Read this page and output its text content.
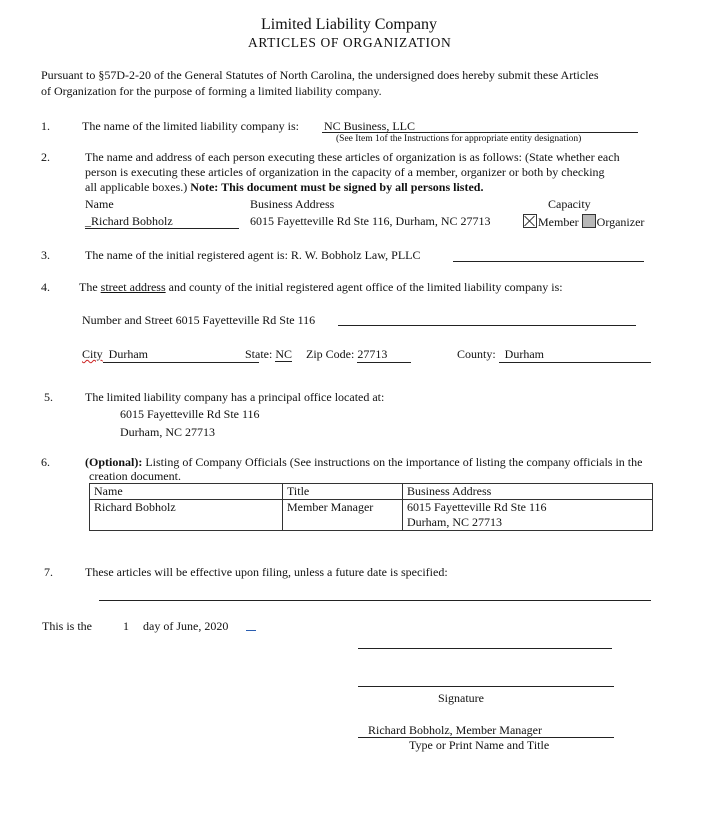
Limited Liability Company
ARTICLES OF ORGANIZATION
Pursuant to §57D-2-20 of the General Statutes of North Carolina, the undersigned does hereby submit these Articles
of Organization for the purpose of forming a limited liability company.
1.	The name of the limited liability company is: NC Business, LLC
(See Item 1of the Instructions for appropriate entity designation)
2.	The name and address of each person executing these articles of organization is as follows: (State whether each
person is executing these articles of organization in the capacity of a member, organizer or both by checking
all applicable boxes.) Note: This document must be signed by all persons listed.
Name	Business Address	Capacity
_Richard Bobholz	6015 Fayetteville Rd Ste 116, Durham, NC 27713	Member Organizer
3.	The name of the initial registered agent is: R. W. Bobholz Law, PLLC
4. The street address and county of the initial registered agent office of the limited liability company is:
Number and Street 6015 Fayetteville Rd Ste 116
City Durham	State: NC Zip Code: 27713	County: Durham
5.	The limited liability company has a principal office located at:
6015 Fayetteville Rd Ste 116
Durham, NC 27713
6.	(Optional): Listing of Company Officials (See instructions on the importance of listing the company officials in the
creation document.
Name	Title	Business Address
Richard Bobholz	Member Manager	6015 Fayetteville Rd Ste 116
Durham, NC 27713
7.	These articles will be effective upon filing, unless a future date is specified:
This is the	1 day of June, 2020
Signature
Richard Bobholz, Member Manager
Type or Print Name and Title
